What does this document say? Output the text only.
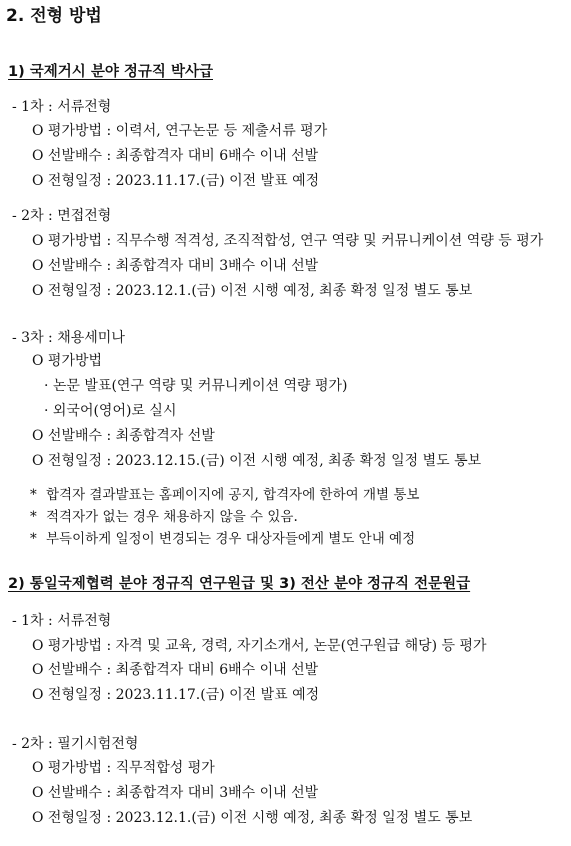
2. 전형 방법
1) 국제거시 분야 정규직 박사급
- 1차 : 서류전형
O 평가방법 : 이력서, 연구논문 등 제출서류 평가
O 선발배수 : 최종합격자 대비 6배수 이내 선발
O 전형일정 : 2023.11.17.(금) 이전 발표 예정
- 2차 : 면접전형
O 평가방법 : 직무수행 적격성, 조직적합성, 연구 역량 및 커뮤니케이션 역량 등 평가
O 선발배수 : 최종합격자 대비 3배수 이내 선발
O 전형일정 : 2023.12.1.(금) 이전 시행 예정, 최종 확정 일정 별도 통보
- 3차 : 채용세미나
O 평가방법
· 논문 발표(연구 역량 및 커뮤니케이션 역량 평가)
· 외국어(영어)로 실시
O 선발배수 : 최종합격자 선발
O 전형일정 : 2023.12.15.(금) 이전 시행 예정, 최종 확정 일정 별도 통보
* 합격자 결과발표는 홈페이지에 공지, 합격자에 한하여 개별 통보
* 적격자가 없는 경우 채용하지 않을 수 있음.
* 부득이하게 일정이 변경되는 경우 대상자들에게 별도 안내 예정
2) 통일국제협력 분야 정규직 연구원급 및 3) 전산 분야 정규직 전문원급
- 1차 : 서류전형
O 평가방법 : 자격 및 교육, 경력, 자기소개서, 논문(연구원급 해당) 등 평가
O 선발배수 : 최종합격자 대비 6배수 이내 선발
O 전형일정 : 2023.11.17.(금) 이전 발표 예정
- 2차 : 필기시험전형
O 평가방법 : 직무적합성 평가
O 선발배수 : 최종합격자 대비 3배수 이내 선발
O 전형일정 : 2023.12.1.(금) 이전 시행 예정, 최종 확정 일정 별도 통보
